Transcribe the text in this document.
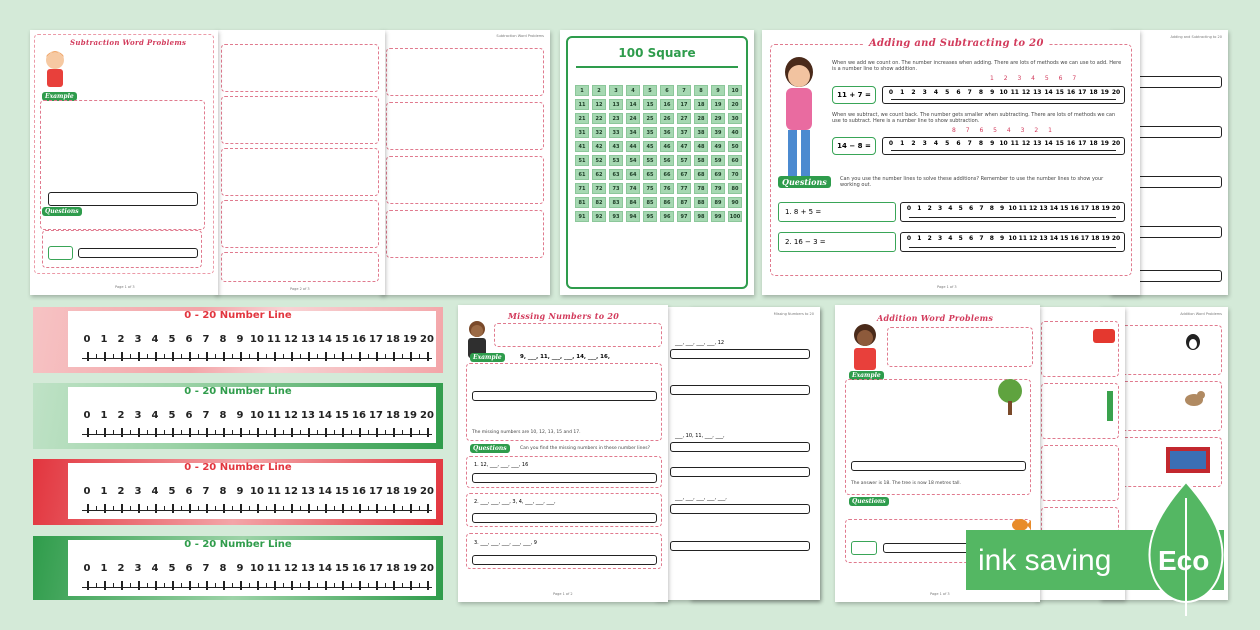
Subtraction Word Problems
Page 2 of 3
Subtraction Word Problems
Example
Questions
Page 1 of 3
100 Square
1	2	3	4	5	6	7	8	9	10
11	12	13	14	15	16	17	18	19	20
21	22	23	24	25	26	27	28	29	30
31	32	33	34	35	36	37	38	39	40
41	42	43	44	45	46	47	48	49	50
51	52	53	54	55	56	57	58	59	60
61	62	63	64	65	66	67	68	69	70
71	72	73	74	75	76	77	78	79	80
81	82	83	84	85	86	87	88	89	90
91	92	93	94	95	96	97	98	99	100
Adding and Subtracting to 20
Adding and Subtracting to 20
When we add we count on. The number increases when adding. There are lots of methods we can use to add. Here is a number line to show addition.
1 2 3 4 5 6 7
11 + 7 =	0 1 2 3 4 5 6 7 8 9 10 11 12 13 14 15 16 17 18 19 20
When we subtract, we count back. The number gets smaller when subtracting. There are lots of methods we can use to subtract. Here is a number line to show subtraction.
8 7 6 5 4 3 2 1
14 − 8 =	0 1 2 3 4 5 6 7 8 9 10 11 12 13 14 15 16 17 18 19 20
Questions	Can you use the number lines to solve these additions? Remember to use the number lines to show your working out.
1. 8 + 5 =	0 1 2 3 4 5 6 7 8 9 10 11 12 13 14 15 16 17 18 19 20
2. 16 − 3 =	0 1 2 3 4 5 6 7 8 9 10 11 12 13 14 15 16 17 18 19 20
Page 1 of 3
0 - 20 Number Line
0 1 2 3 4 5 6 7 8 9 10 11 12 13 14 15 16 17 18 19 20
0 - 20 Number Line
0 1 2 3 4 5 6 7 8 9 10 11 12 13 14 15 16 17 18 19 20
0 - 20 Number Line
0 1 2 3 4 5 6 7 8 9 10 11 12 13 14 15 16 17 18 19 20
0 - 20 Number Line
0 1 2 3 4 5 6 7 8 9 10 11 12 13 14 15 16 17 18 19 20
Missing Numbers to 20
___, ___, ___, ___, 12
___, 10, 11, ___, ___,
___, ___, ___, ___, ___,
Missing Numbers to 20
Example	9, ___, 11, ___, ___, 14, ___, 16,
The missing numbers are 10, 12, 13, 15 and 17.
Questions	Can you find the missing numbers in these number lines?
1. 12, ___, ___, ___, 16
2. ___, ___, ___, 3, 4, ___, ___, ___,
3. ___, ___, ___, ___, ___, 9
Page 1 of 2
Addition Word Problems
Addition Word Problems
Example
The answer is 18. The tree is now 18 metres tall.
Questions
Page 1 of 3
ink saving Eco
